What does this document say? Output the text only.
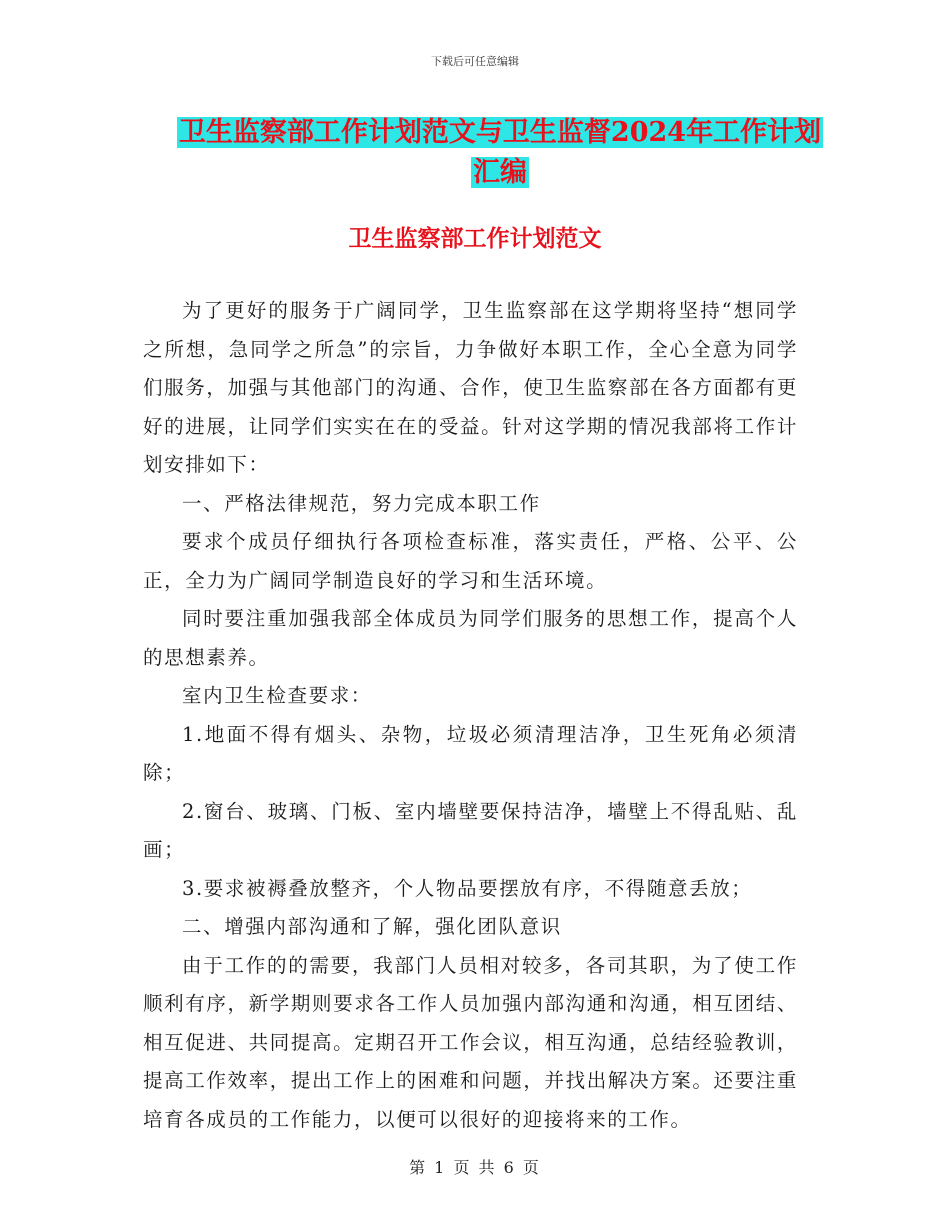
下载后可任意编辑
卫生监察部工作计划范文与卫生监督2024年工作计划
汇编
卫生监察部工作计划范文

为了更好的服务于广阔同学，卫生监察部在这学期将坚持“想同学之所想，急同学之所急”的宗旨，力争做好本职工作，全心全意为同学们服务，加强与其他部门的沟通、合作，使卫生监察部在各方面都有更好的进展，让同学们实实在在的受益。针对这学期的情况我部将工作计划安排如下：

一、严格法律规范，努力完成本职工作

要求个成员仔细执行各项检查标准，落实责任，严格、公平、公正，全力为广阔同学制造良好的学习和生活环境。

同时要注重加强我部全体成员为同学们服务的思想工作，提高个人的思想素养。

室内卫生检查要求：

1.地面不得有烟头、杂物，垃圾必须清理洁净，卫生死角必须清除；

2.窗台、玻璃、门板、室内墙壁要保持洁净，墙壁上不得乱贴、乱画；

3.要求被褥叠放整齐，个人物品要摆放有序，不得随意丢放；

二、增强内部沟通和了解，强化团队意识

由于工作的的需要，我部门人员相对较多，各司其职，为了使工作顺利有序，新学期则要求各工作人员加强内部沟通和沟通，相互团结、相互促进、共同提高。定期召开工作会议，相互沟通，总结经验教训，提高工作效率，提出工作上的困难和问题，并找出解决方案。还要注重培育各成员的工作能力，以便可以很好的迎接将来的工作。

第 1 页 共 6 页
